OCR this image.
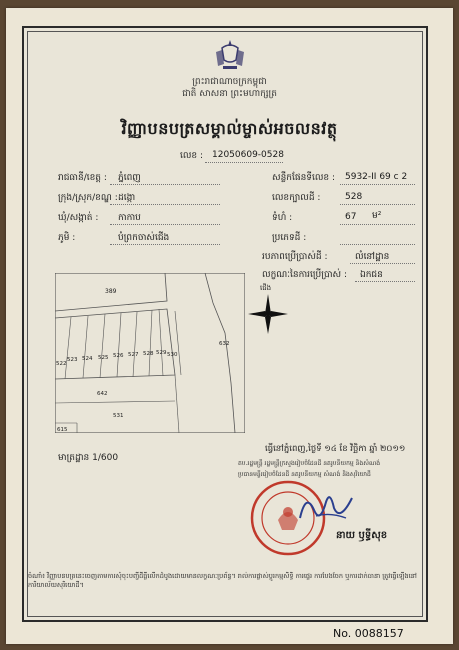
ព្រះរាជាណាចក្រកម្ពុជា
ជាតិ សាសនា ព្រះមហាក្សត្រ
វិញ្ញាបនបត្រសម្គាល់ម្ចាស់អចលនវត្ថុ
លេខ : 12050609-0528
រាជធានី/ខេត្ត : ភ្នំពេញ
ក្រុង/ស្រុក/ខណ្ឌ : ដង្កោ
ឃុំ/សង្កាត់ : កាកាប
ភូមិ :	បំព្រកចាស់ជើង
សន្លឹកផែនទីលេខ : 5932-II 69 c 2
លេខក្បាលដី :	528
ទំហំ :	67 ម²
ប្រភេទដី :
របភាពប្រើប្រាស់ដី :	លំនៅដ្ឋាន
លក្ខណៈនៃការប្រើប្រាស់ : ឯកជន
389
522
523 524 525 526 527 528 529 530
632
642
531
615
មាត្រដ្ឋាន 1/600
ជើង
ធ្វើនៅភ្នំពេញ,ថ្ងៃទី ១៤ ខែ វិច្ឆិកា ឆ្នាំ ២០១១
តប.រដ្ឋមន្ត្រី រដ្ឋមន្ត្រីក្រសួងរៀបចំដែនដី នគរូបនីយកម្ម និងសំណង់
ប្រធានមន្ទីររៀបចំដែនដី នគរូបនីយកម្ម សំណង់ និងសុរិយោដី
នាយ ឫទ្ធីសុខ
ចំណាំ៖ វិញ្ញាបនបត្រនេះចេញតាមការសុំចុះបញ្ជីដីធ្លីលើកដំបូងដោយមានលក្ខណៈប្រព័ន្ធ។ រាល់ការផ្លាស់ប្តូរកម្មសិទ្ធិ ការផ្ទេរ ការបែងចែក ឬការដាក់ធានា ត្រូវធ្វើឡើងនៅការិយាល័យសុរិយោដី។
No. 0088157
